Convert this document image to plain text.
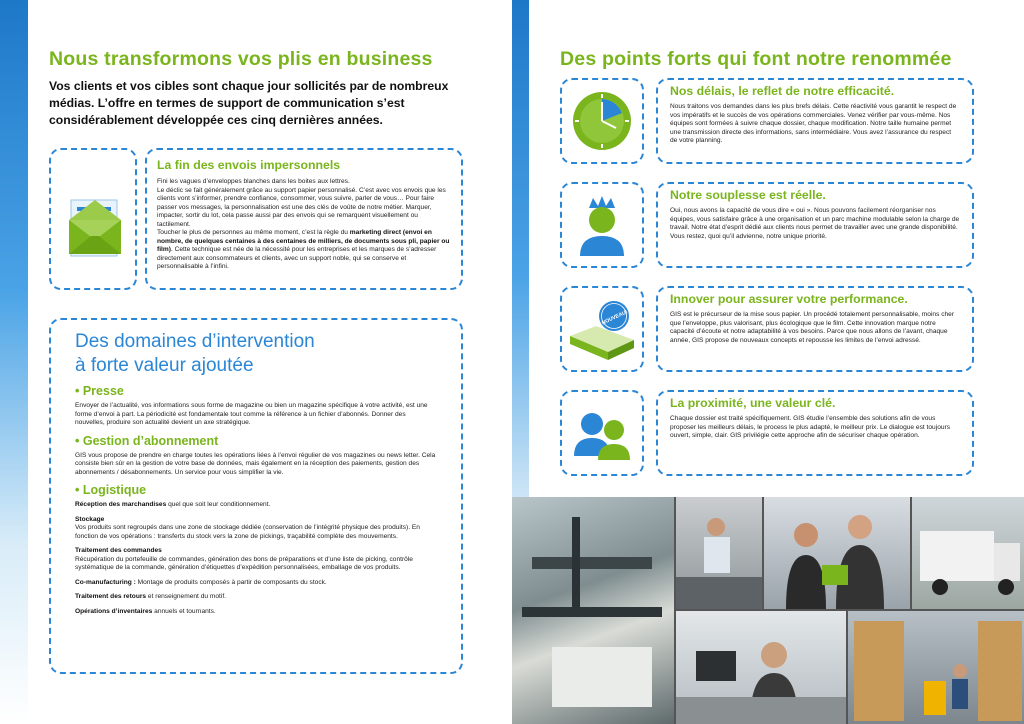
Nous transformons vos plis en business

Vos clients et vos cibles sont chaque jour sollicités par de nombreux médias. L’offre en termes de support de communication s’est considérablement développée ces cinq dernières années.

La fin des envois impersonnels
Fini les vagues d’enveloppes blanches dans les boites aux lettres.
Le déclic se fait généralement grâce au support papier personnalisé. C’est avec vos envois que les clients vont s’informer, prendre confiance, consommer, vous suivre, parler de vous… Pour faire passer vos messages, la personnalisation est une des clés de voûte de notre métier. Marquer, impacter, sortir du lot, cela passe aussi par des envois qui se remarquent visuellement ou tactilement.
Toucher le plus de personnes au même moment, c’est la règle du marketing direct (envoi en nombre, de quelques centaines à des centaines de milliers, de documents sous pli, papier ou film). Cette technique est née de la nécessité pour les entreprises et les marques de s’adresser directement aux consommateurs et clients, avec un support noble, qui se conserve et personnalisable à l’infini.
Des domaines d’intervention
à forte valeur ajoutée
• Presse
Envoyer de l’actualité, vos informations sous forme de magazine ou bien un magazine spécifique à votre activité, est une forme d’envoi à part. La périodicité est fondamentale tout comme la référence à un fichier d’abonnés. Donner des nouvelles, produire son actualité devient un axe stratégique.
• Gestion d’abonnement
GIS vous propose de prendre en charge toutes les opérations liées à l’envoi régulier de vos magazines ou news letter. Cela consiste bien sûr en la gestion de votre base de données, mais également en la réception des paiements, gestion des abonnements / désabonnements. Un service pour vous simplifier la vie.
• Logistique
Réception des marchandises quel que soit leur conditionnement.
Stockage
Vos produits sont regroupés dans une zone de stockage dédiée (conservation de l’intégrité physique des produits). En fonction de vos opérations : transferts du stock vers la zone de pickings, traçabilité complète des mouvements.
Traitement des commandes
Récupération du portefeuille de commandes, génération des bons de préparations et d’une liste de picking, contrôle systématique de la commande, génération d’étiquettes d’expédition personnalisées, emballage de vos produits.
Co-manufacturing : Montage de produits composés à partir de composants du stock.
Traitement des retours et renseignement du motif.
Opérations d’inventaires annuels et tournants.
Des points forts qui font notre renommée
Nos délais, le reflet de notre efficacité.
Nous traitons vos demandes dans les plus brefs délais. Cette réactivité vous garantit le respect de vos impératifs et le succès de vos opérations commerciales. Venez vérifier par vous-même. Nos équipes sont formées à suivre chaque dossier, chaque modification. Notre taille humaine permet une transmission directe des informations, sans intermédiaire. Vous avez l’assurance du respect de votre planning.
Notre souplesse est réelle.
Oui, nous avons la capacité de vous dire « oui ». Nous pouvons facilement réorganiser nos équipes, vous satisfaire grâce à une organisation et un parc machine modulable selon la charge de travail. Notre état d’esprit dédié aux clients nous permet de travailler avec une grande disponibilité. Vous restez, quoi qu’il advienne, notre unique priorité.
NOUVEAU!
Innover pour assurer votre performance.
GIS est le précurseur de la mise sous papier. Un procédé totalement personnalisable, moins cher que l’enveloppe, plus valorisant, plus écologique que le film. Cette innovation marque notre capacité d’écoute et notre adaptabilité à vos besoins. Parce que nous allons de l’avant, chaque année, GIS propose de nouveaux concepts et repousse les limites de l’envoi adressé.
La proximité, une valeur clé.
Chaque dossier est traité spécifiquement. GIS étudie l’ensemble des solutions afin de vous proposer les meilleurs délais, le process le plus adapté, le meilleur prix. Le dialogue est toujours ouvert, simple, clair. GIS privilégie cette approche afin de sécuriser chaque opération.
